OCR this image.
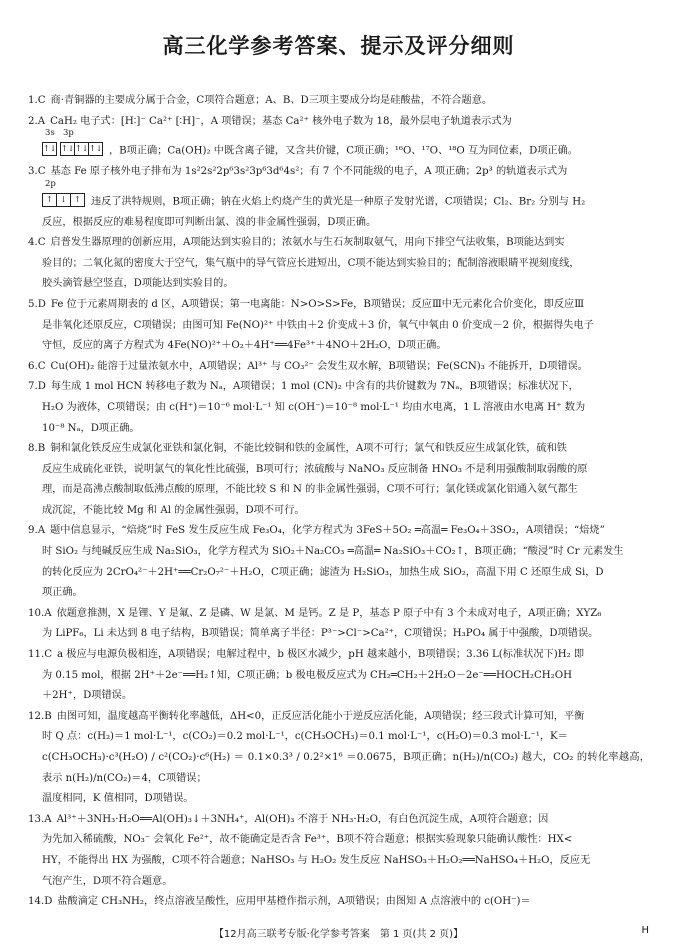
高三化学参考答案、提示及评分细则

1.C 商·青铜器的主要成分属于合金，C项符合题意；A、B、D三项主要成分均是硅酸盐，不符合题意。

2.A CaH₂ 电子式：[H∶]⁻ Ca²⁺ [∶H]⁻，A 项错误；基态 Ca²⁺ 核外电子数为 18，最外层电子轨道表示式为

3s
↑↓
3p
↑↓↑↓↑↓ ，B项正确；Ca(OH)₂ 中既含离子键，又含共价键，C项正确；¹⁶O、¹⁷O、¹⁸O 互为同位素，D项正确。

3.C 基态 Fe 原子核外电子排布为 1s²2s²2p⁶3s²3p⁶3d⁶4s²；有 7 个不同能级的电子，A 项正确；2p³ 的轨道表示式为

2p
↑ ↓ ↑ 违反了洪特规则，B项正确；钠在火焰上灼烧产生的黄光是一种原子发射光谱，C项错误；Cl₂、Br₂ 分别与 H₂

反应，根据反应的难易程度即可判断出氯、溴的非金属性强弱，D项正确。

4.C 启普发生器原理的创新应用，A项能达到实验目的；浓氨水与生石灰制取氨气，用向下排空气法收集，B项能达到实

验目的；二氧化氮的密度大于空气，集气瓶中的导气管应长进短出，C项不能达到实验目的；配制溶液眼睛平视刻度线，

胶头滴管悬空竖直，D项能达到实验目的。

5.D Fe 位于元素周期表的 d 区，A项错误；第一电离能：N>O>S>Fe，B项错误；反应Ⅲ中无元素化合价变化，即反应Ⅲ

是非氧化还原反应，C项错误；由图可知 Fe(NO)²⁺ 中铁由＋2 价变成＋3 价，氧气中氧由 0 价变成－2 价，根据得失电子

守恒，反应的离子方程式为 4Fe(NO)²⁺＋O₂＋4H⁺══4Fe³⁺＋4NO＋2H₂O，D项正确。

6.C Cu(OH)₂ 能溶于过量浓氨水中，A项错误；Al³⁺ 与 CO₃²⁻ 会发生双水解，B项错误；Fe(SCN)₃ 不能拆开，D项错误。

7.D 每生成 1 mol HCN 转移电子数为 Nₐ，A项错误；1 mol (CN)₂ 中含有的共价键数为 7Nₐ，B项错误；标准状况下，

H₂O 为液体，C项错误；由 c(H⁺)＝10⁻⁶ mol·L⁻¹ 知 c(OH⁻)＝10⁻⁸ mol·L⁻¹ 均由水电离，1 L 溶液由水电离 H⁺ 数为

10⁻⁸ Nₐ，D项正确。

8.B 铜和氯化铁反应生成氯化亚铁和氯化铜，不能比较铜和铁的金属性，A项不可行；氯气和铁反应生成氯化铁，硫和铁

反应生成硫化亚铁，说明氯气的氧化性比硫强，B项可行；浓硫酸与 NaNO₃ 反应制备 HNO₃ 不是利用强酸制取弱酸的原

理，而是高沸点酸制取低沸点酸的原理，不能比较 S 和 N 的非金属性强弱，C项不可行；氯化镁或氯化铝通入氨气都生

成沉淀，不能比较 Mg 和 Al 的金属性强弱，D项不可行。

9.A 题中信息显示，“焙烧”时 FeS 发生反应生成 Fe₃O₄，化学方程式为 3FeS＋5O₂ ═高温═ Fe₃O₄＋3SO₂，A项错误；“焙烧”

时 SiO₂ 与纯碱反应生成 Na₂SiO₃，化学方程式为 SiO₂＋Na₂CO₃ ═高温═ Na₂SiO₃＋CO₂↑，B项正确；“酸浸”时 Cr 元素发生

的转化反应为 2CrO₄²⁻＋2H⁺══Cr₂O₇²⁻＋H₂O，C项正确；滤渣为 H₂SiO₃，加热生成 SiO₂，高温下用 C 还原生成 Si，D

项正确。

10.A 依题意推测，X 是锂、Y 是氟、Z 是磷、W 是氯、M 是钙。Z 是 P，基态 P 原子中有 3 个未成对电子，A项正确；XYZ₆

为 LiPF₆，Li 未达到 8 电子结构，B项错误；简单离子半径：P³⁻>Cl⁻>Ca²⁺，C项错误；H₃PO₄ 属于中强酸，D项错误。

11.C a 极应与电源负极相连，A项错误；电解过程中，b 极区水减少，pH 越来越小，B项错误；3.36 L(标准状况下)H₂ 即

为 0.15 mol，根据 2H⁺＋2e⁻══H₂↑知，C项正确；b 极电极反应式为 CH₂═CH₂＋2H₂O－2e⁻══HOCH₂CH₂OH

＋2H⁺，D项错误。

12.B 由图可知，温度越高平衡转化率越低，ΔH<0，正反应活化能小于逆反应活化能，A项错误；经三段式计算可知，平衡

时 Q 点：c(H₂)＝1 mol·L⁻¹，c(CO₂)＝0.2 mol·L⁻¹，c(CH₃OCH₃)＝0.1 mol·L⁻¹，c(H₂O)＝0.3 mol·L⁻¹，K＝

c(CH₃OCH₃)·c³(H₂O) / c²(CO₂)·c⁶(H₂) ＝ 0.1×0.3³ / 0.2²×1⁶ ＝0.0675，B项正确；n(H₂)/n(CO₂) 越大，CO₂ 的转化率越高，表示 n(H₂)/n(CO₂)＝4，C项错误；

温度相同，K 值相同，D项错误。

13.A Al³⁺＋3NH₃·H₂O══Al(OH)₃↓＋3NH₄⁺，Al(OH)₃ 不溶于 NH₃·H₂O，有白色沉淀生成，A项符合题意；因

为先加入稀硫酸，NO₃⁻ 会氧化 Fe²⁺，故不能确定是否含 Fe³⁺，B项不符合题意；根据实验现象只能确认酸性：HX<

HY，不能得出 HX 为强酸，C项不符合题意；NaHSO₃ 与 H₂O₂ 发生反应 NaHSO₃＋H₂O₂══NaHSO₄＋H₂O，反应无

气泡产生，D项不符合题意。

14.D 盐酸滴定 CH₃NH₂，终点溶液呈酸性，应用甲基橙作指示剂，A项错误；由图知 A 点溶液中的 c(OH⁻)＝

【12月高三联考专版·化学参考答案　第 1 页(共 2 页)】	H
